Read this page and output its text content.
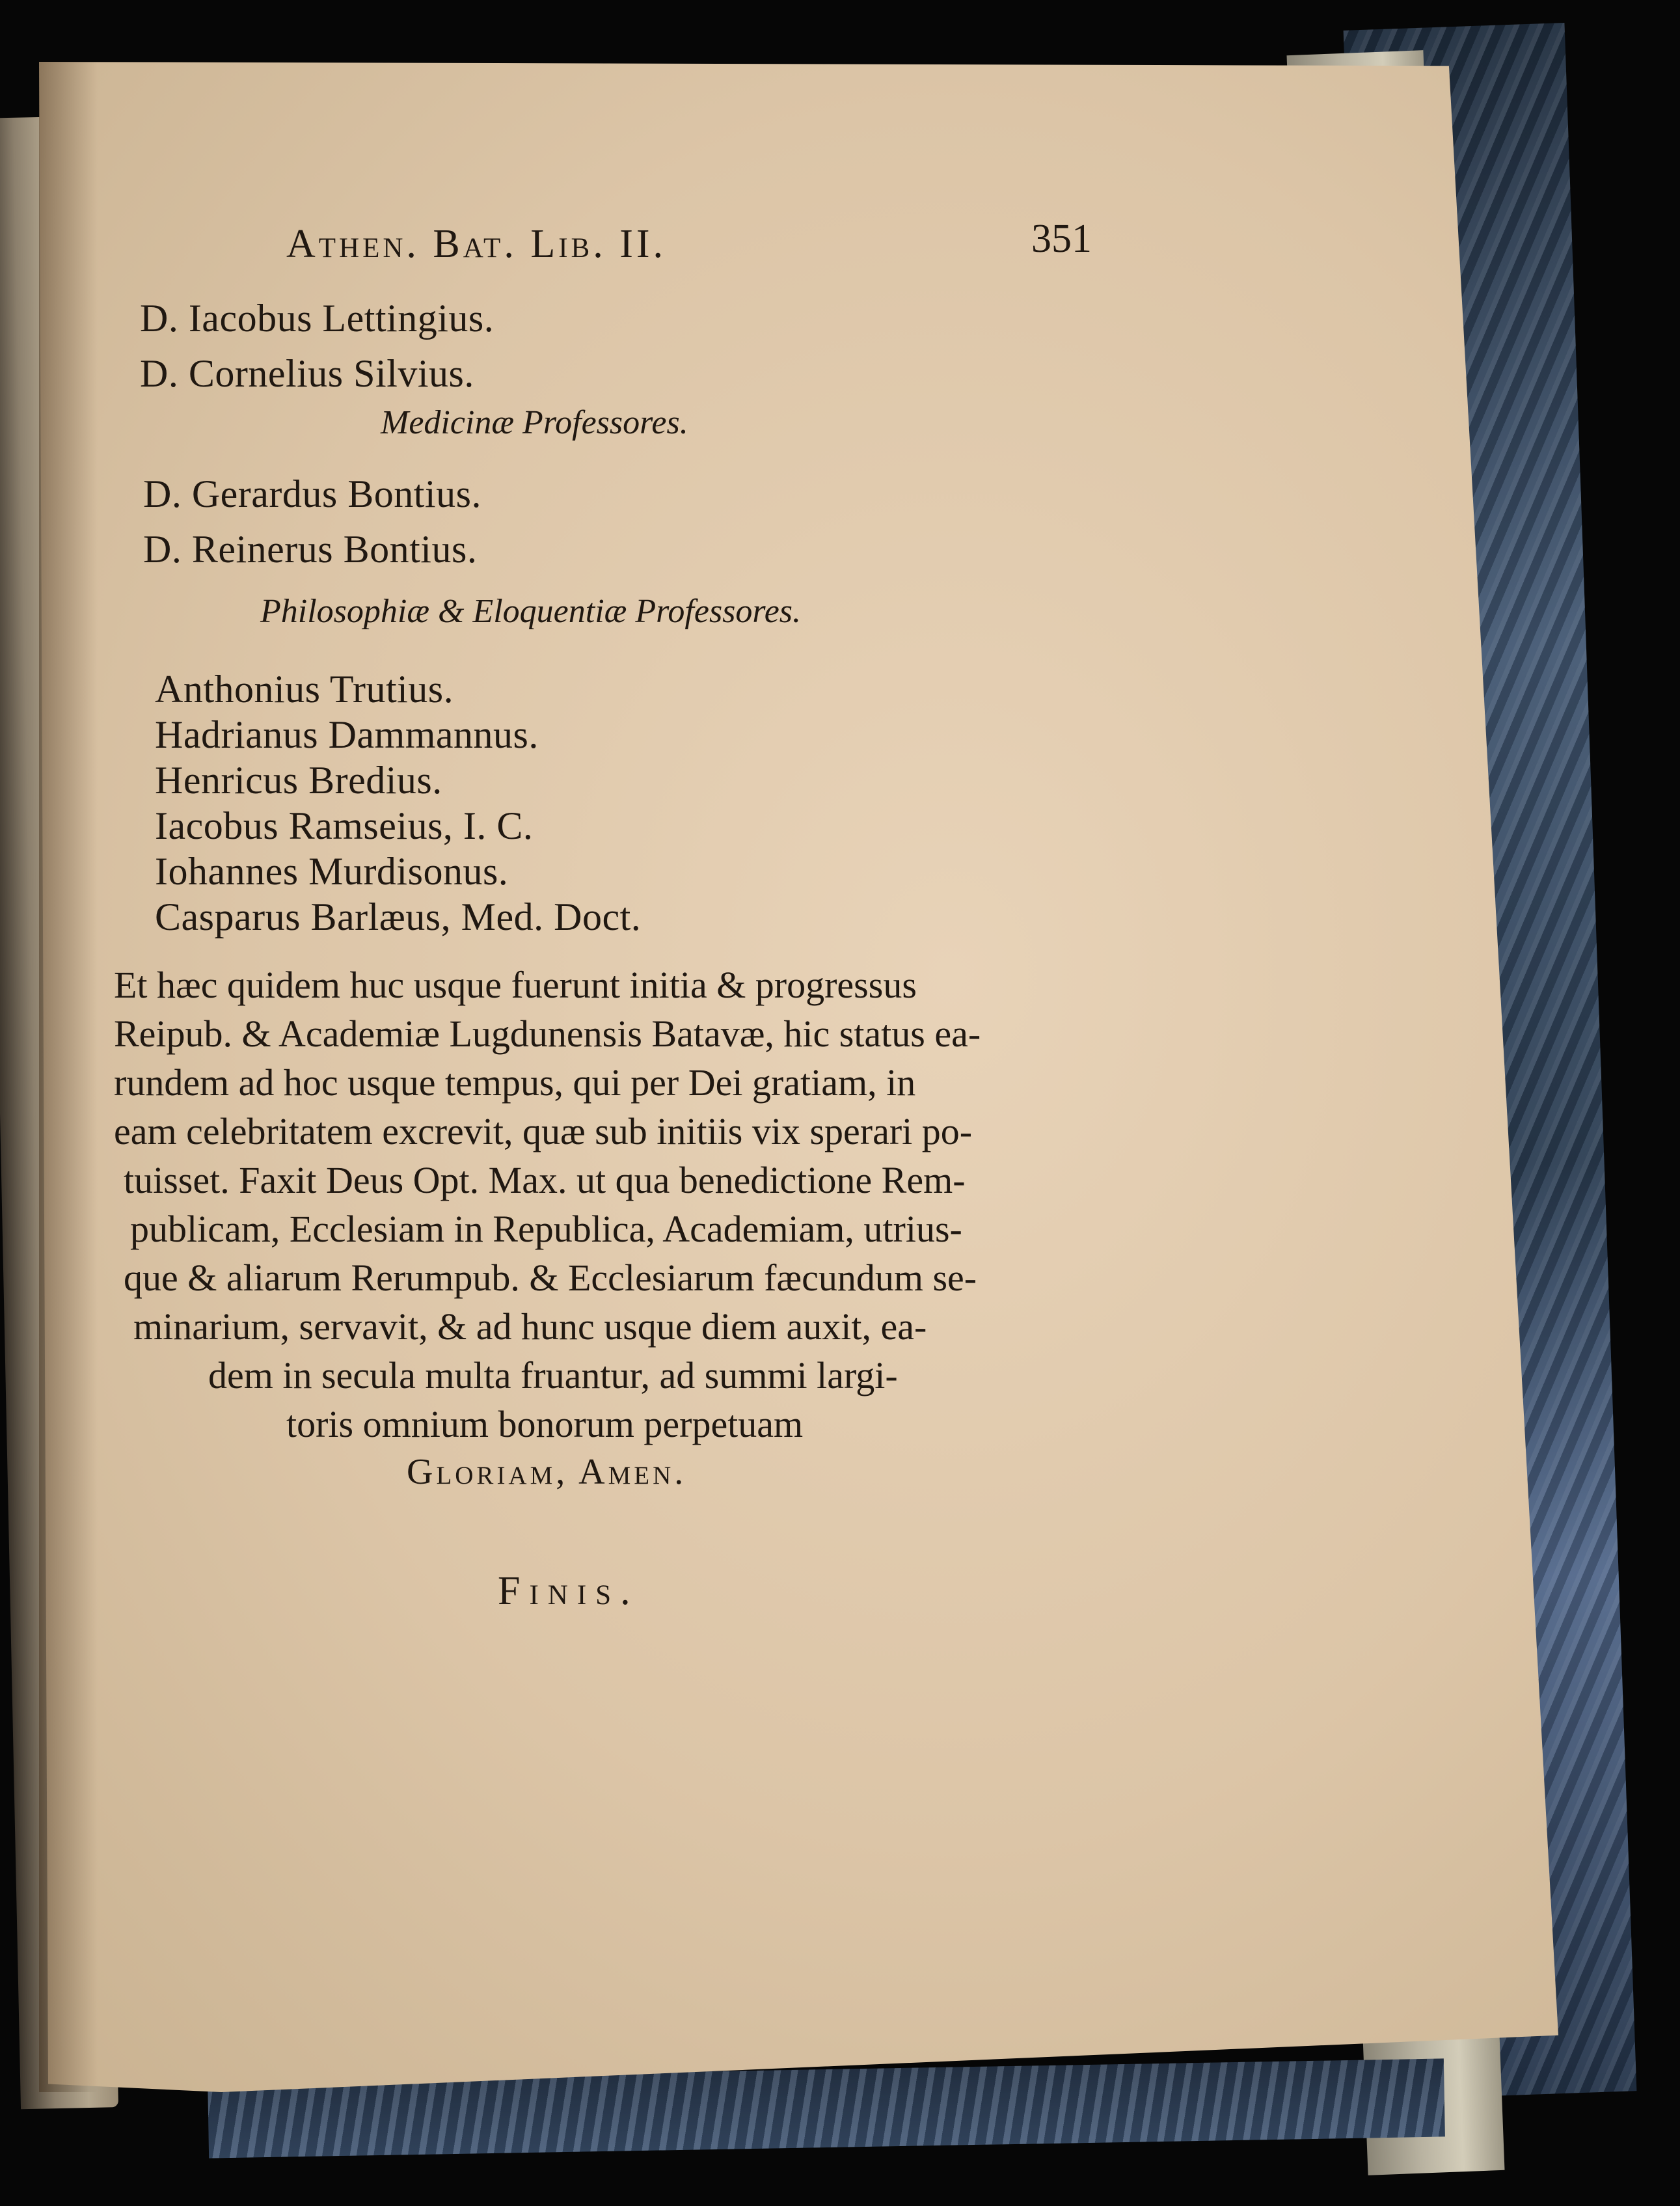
Athen. Bat. Lib. II.	351
D. Iacobus Lettingius.
D. Cornelius Silvius.
Medicinæ Professores.
D. Gerardus Bontius.
D. Reinerus Bontius.
Philosophiæ & Eloquentiæ Professores.
Anthonius Trutius.
Hadrianus Dammannus.
Henricus Bredius.
Iacobus Ramseius, I. C.
Iohannes Murdisonus.
Casparus Barlæus, Med. Doct.
Et hæc quidem huc usque fuerunt initia & progressus
Reipub. & Academiæ Lugdunensis Batavæ, hic status ea-
rundem ad hoc usque tempus, qui per Dei gratiam, in
eam celebritatem excrevit, quæ sub initiis vix sperari po-
tuisset. Faxit Deus Opt. Max. ut qua benedictione Rem-
publicam, Ecclesiam in Republica, Academiam, utrius-
que & aliarum Rerumpub. & Ecclesiarum fæcundum se-
minarium, servavit, & ad hunc usque diem auxit, ea-
dem in secula multa fruantur, ad summi largi-
toris omnium bonorum perpetuam
Gloriam, Amen.
Finis.
